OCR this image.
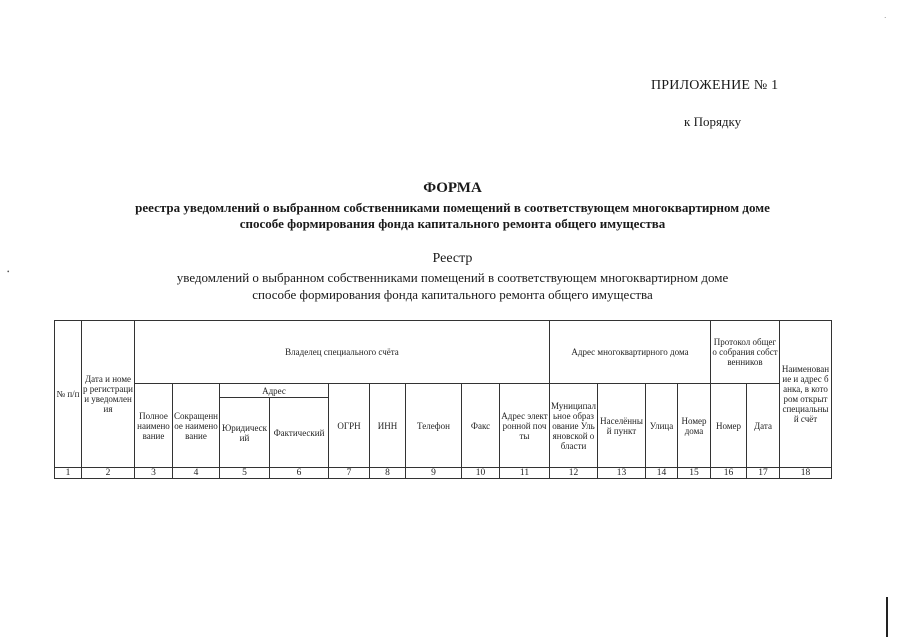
ПРИЛОЖЕНИЕ № 1
к Порядку
ФОРМА
реестра уведомлений о выбранном собственниками помещений в соответствующем многоквартирном доме
способе формирования фонда капитального ремонта общего имущества
Реестр
уведомлений о выбранном собственниками помещений в соответствующем многоквартирном доме
способе формирования фонда капитального ремонта общего имущества
•
·
№ п/п	Дата и номер регистрации уведомления	Владелец специального счёта									Адрес многоквартирного дома				Протокол общего собрания собственников		Наименование и адрес банка, в котором открыт специальный счёт
		Полное наименование	Сокращенное наименование	Адрес		ОГРН	ИНН	Телефон	Факс	Адрес электронной почты	Муниципальное образование Ульяновской области	Населённый пункт	Улица	Номер дома	Номер	Дата	
				Юридический	Фактический												
1	2	3	4	5	6	7	8	9	10	11	12	13	14	15	16	17	18
